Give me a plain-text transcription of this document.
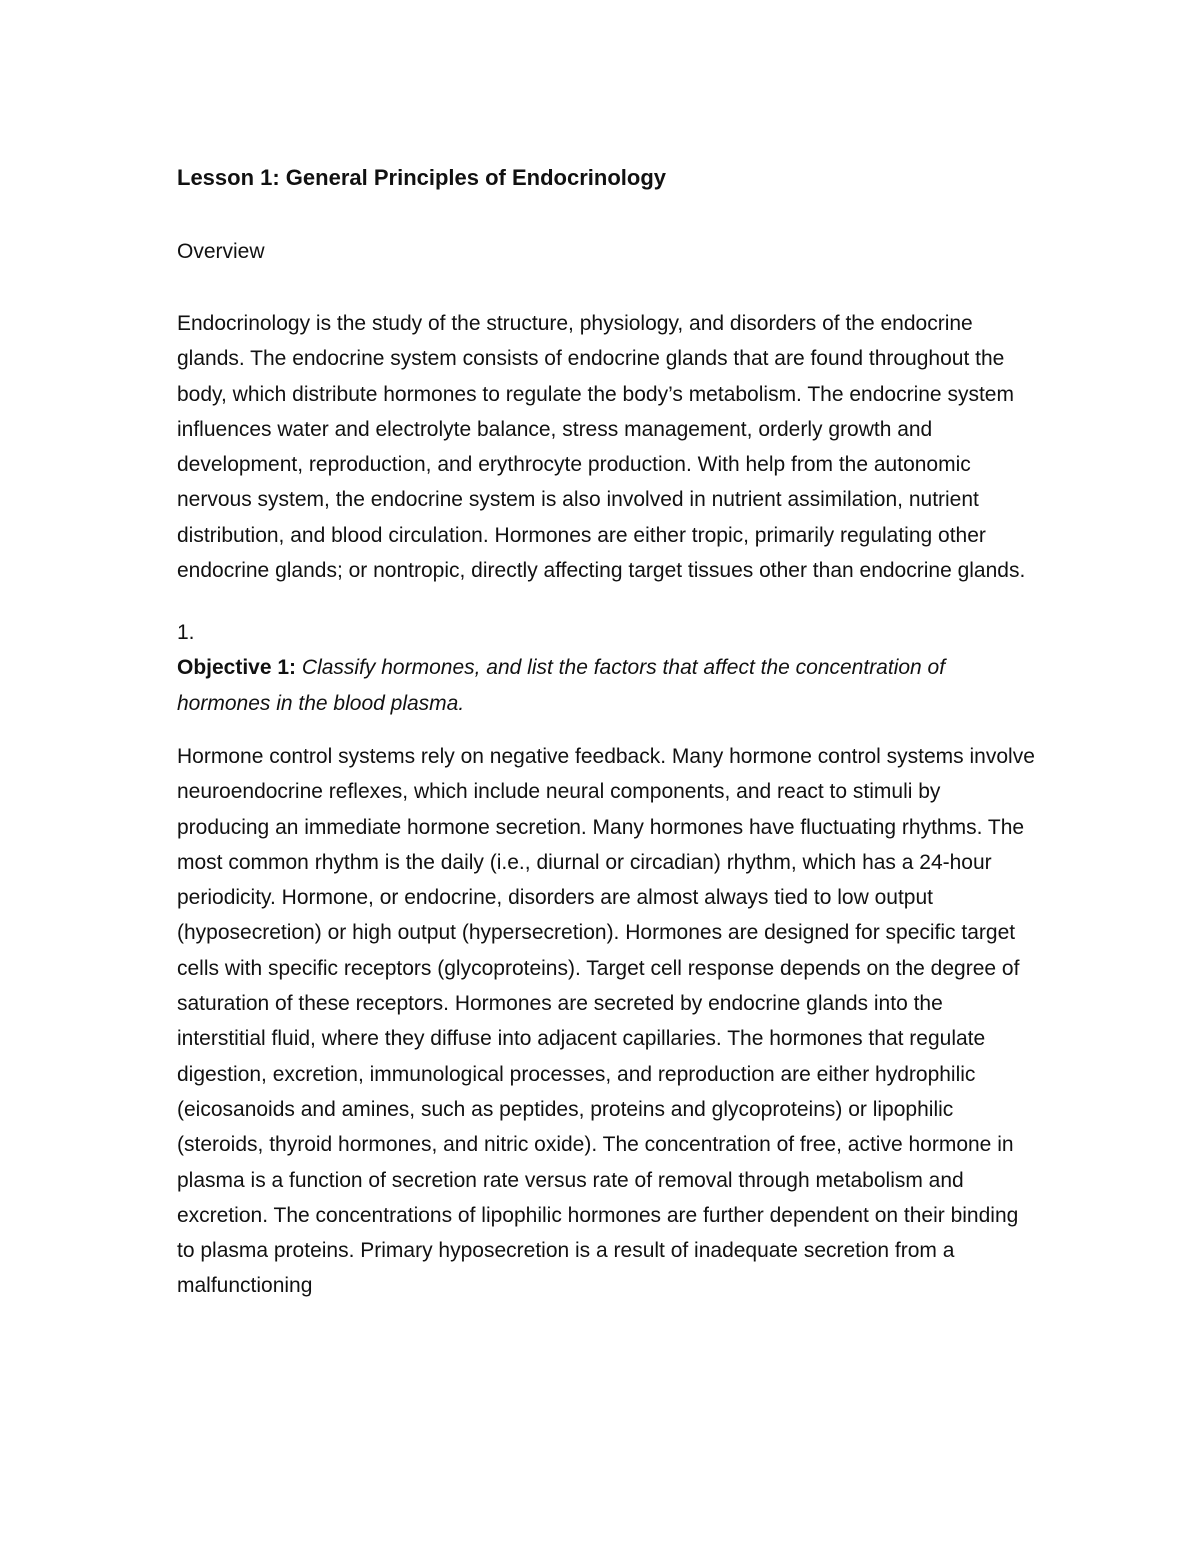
Lesson 1: General Principles of Endocrinology

Overview

Endocrinology is the study of the structure, physiology, and disorders of the endocrine glands. The endocrine system consists of endocrine glands that are found throughout the body, which distribute hormones to regulate the body’s metabolism. The endocrine system influences water and electrolyte balance, stress management, orderly growth and development, reproduction, and erythrocyte production. With help from the autonomic nervous system, the endocrine system is also involved in nutrient assimilation, nutrient distribution, and blood circulation. Hormones are either tropic, primarily regulating other endocrine glands; or nontropic, directly affecting target tissues other than endocrine glands.

1.

Objective 1: Classify hormones, and list the factors that affect the concentration of hormones in the blood plasma.

Hormone control systems rely on negative feedback. Many hormone control systems involve neuroendocrine reflexes, which include neural components, and react to stimuli by producing an immediate hormone secretion. Many hormones have fluctuating rhythms. The most common rhythm is the daily (i.e., diurnal or circadian) rhythm, which has a 24-hour periodicity. Hormone, or endocrine, disorders are almost always tied to low output (hyposecretion) or high output (hypersecretion). Hormones are designed for specific target cells with specific receptors (glycoproteins). Target cell response depends on the degree of saturation of these receptors. Hormones are secreted by endocrine glands into the interstitial fluid, where they diffuse into adjacent capillaries. The hormones that regulate digestion, excretion, immunological processes, and reproduction are either hydrophilic (eicosanoids and amines, such as peptides, proteins and glycoproteins) or lipophilic (steroids, thyroid hormones, and nitric oxide). The concentration of free, active hormone in plasma is a function of secretion rate versus rate of removal through metabolism and excretion. The concentrations of lipophilic hormones are further dependent on their binding to plasma proteins. Primary hyposecretion is a result of inadequate secretion from a malfunctioning
